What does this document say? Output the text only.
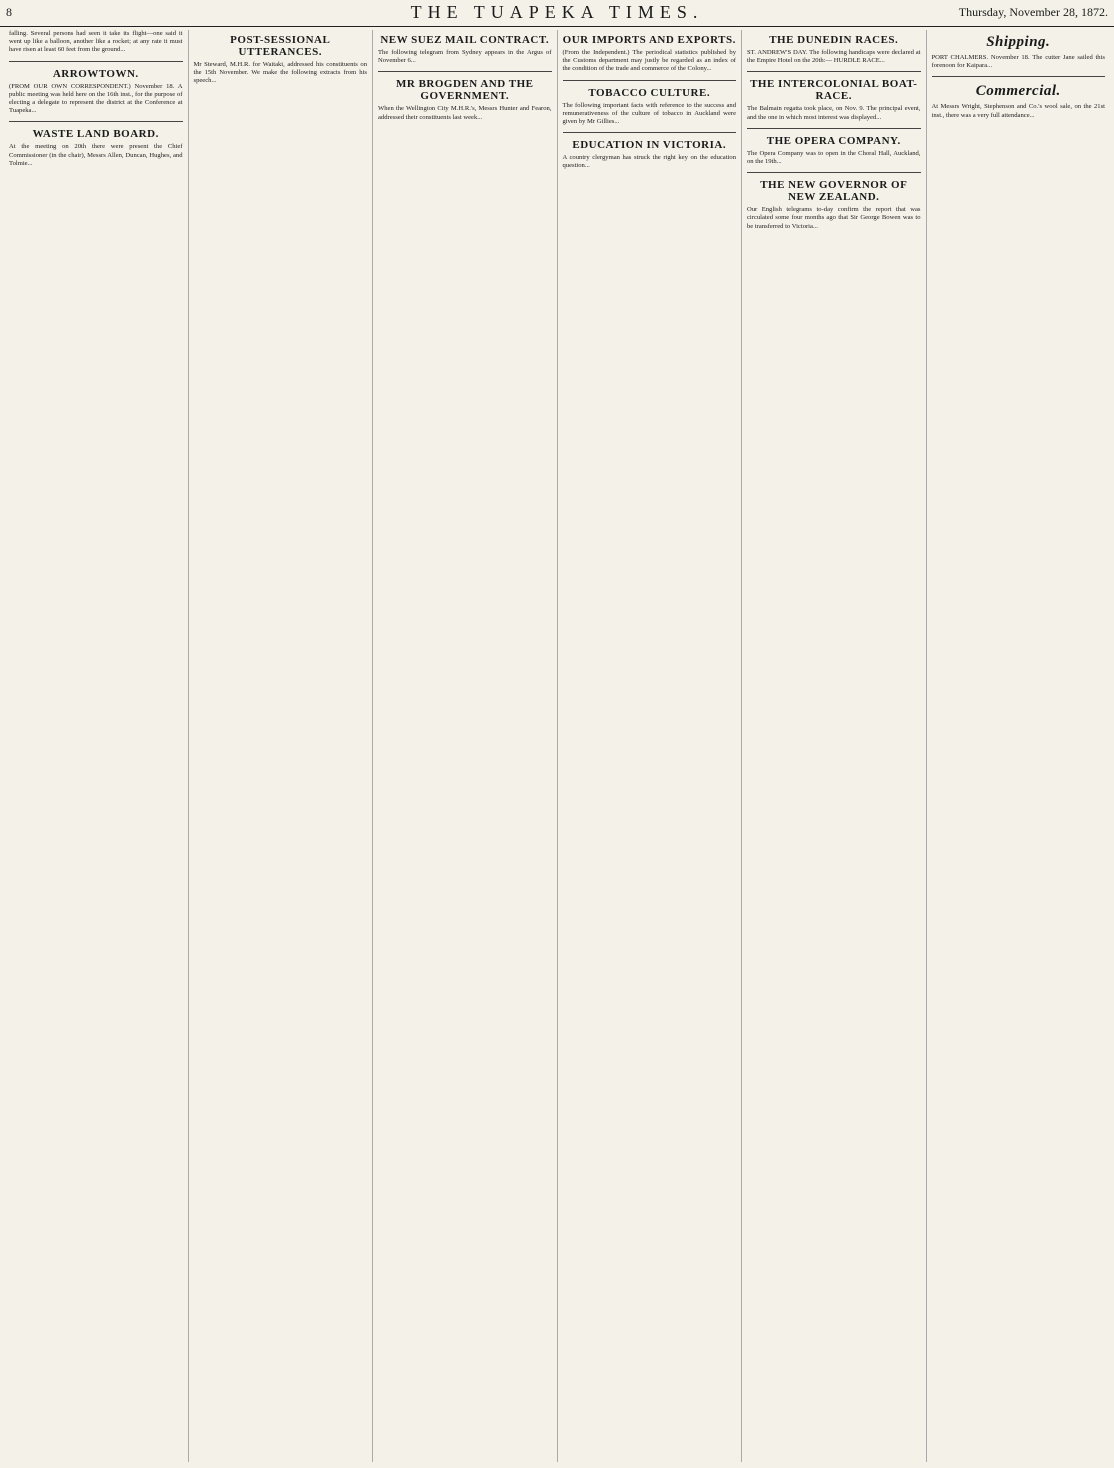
8	THE TUAPEKA TIMES.	Thursday, November 28, 1872.
falling. Several persons had seen it take its flight—one said it went up like a balloon, another like a rocket; at any rate it must have risen at least 60 feet from the ground...
ARROWTOWN.
(FROM OUR OWN CORRESPONDENT.) November 18. A public meeting was held here on the 16th inst., for the purpose of electing a delegate to represent the district at the Conference at Tuapeka...
WASTE LAND BOARD.
At the meeting on 20th there were present the Chief Commissioner (in the chair), Messrs Allen, Duncan, Hughes, and Tolmie...
POST-SESSIONAL UTTERANCES.
Mr Steward, M.H.R. for Waitaki, addressed his constituents on the 15th November. We make the following extracts from his speech...
NEW SUEZ MAIL CONTRACT.
The following telegram from Sydney appears in the Argus of November 6...
MR BROGDEN AND THE GOVERNMENT.
When the Wellington City M.H.R.'s, Messrs Hunter and Fearon, addressed their constituents last week...
OUR IMPORTS AND EXPORTS.
(From the Independent.) The periodical statistics published by the Customs department may justly be regarded as an index of the condition of the trade and commerce of the Colony...
TOBACCO CULTURE.
The following important facts with reference to the success and remunerativeness of the culture of tobacco in Auckland were given by Mr Gillies...
EDUCATION IN VICTORIA.
A country clergyman has struck the right key on the education question...
THE DUNEDIN RACES.
ST. ANDREW'S DAY. The following handicaps were declared at the Empire Hotel on the 20th:— HURDLE RACE...
THE INTERCOLONIAL BOAT-RACE.
The Balmain regatta took place, on Nov. 9. The principal event, and the one in which most interest was displayed...
THE OPERA COMPANY.
The Opera Company was to open in the Choral Hall, Auckland, on the 19th...
THE NEW GOVERNOR OF NEW ZEALAND.
Our English telegrams to-day confirm the report that was circulated some four months ago that Sir George Bowen was to be transferred to Victoria...
Shipping.
PORT CHALMERS. November 18. The cutter Jane sailed this forenoon for Kaipara...
Commercial.
At Messrs Wright, Stephenson and Co.'s wool sale, on the 21st inst., there was a very full attendance...
